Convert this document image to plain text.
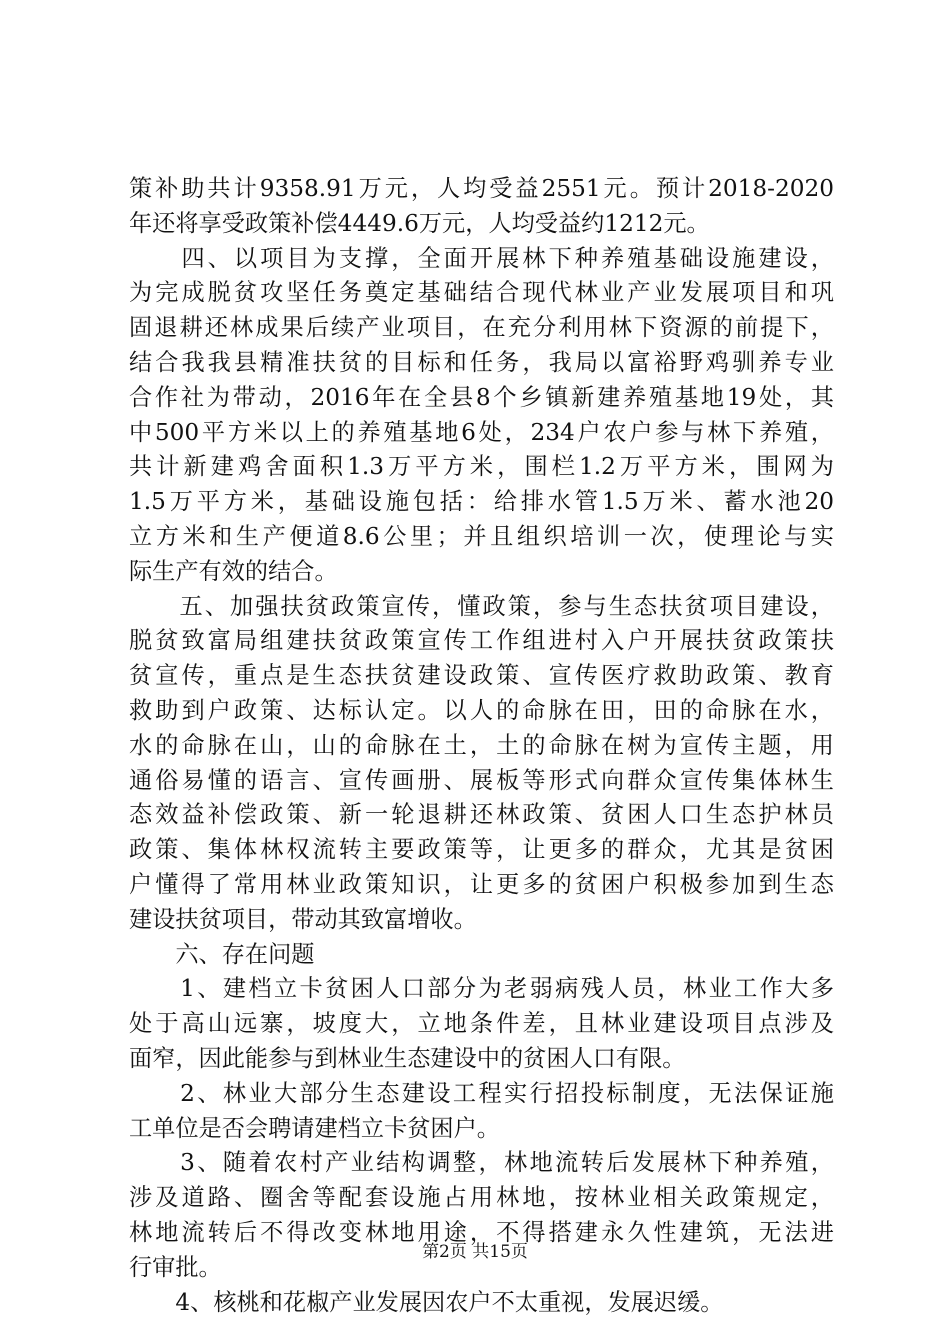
策补助共计9358.91万元，人均受益2551元。预计2018-2020
年还将享受政策补偿4449.6万元，人均受益约1212元。
　　四、以项目为支撑，全面开展林下种养殖基础设施建设，
为完成脱贫攻坚任务奠定基础结合现代林业产业发展项目和巩
固退耕还林成果后续产业项目，在充分利用林下资源的前提下，
结合我我县精准扶贫的目标和任务，我局以富裕野鸡驯养专业
合作社为带动，2016年在全县8个乡镇新建养殖基地19处，其
中500平方米以上的养殖基地6处，234户农户参与林下养殖，
共计新建鸡舍面积1.3万平方米，围栏1.2万平方米，围网为
1.5万平方米，基础设施包括：给排水管1.5万米、蓄水池20
立方米和生产便道8.6公里；并且组织培训一次，使理论与实
际生产有效的结合。
　　五、加强扶贫政策宣传，懂政策，参与生态扶贫项目建设，
脱贫致富局组建扶贫政策宣传工作组进村入户开展扶贫政策扶
贫宣传，重点是生态扶贫建设政策、宣传医疗救助政策、教育
救助到户政策、达标认定。以人的命脉在田，田的命脉在水，
水的命脉在山，山的命脉在土，土的命脉在树为宣传主题，用
通俗易懂的语言、宣传画册、展板等形式向群众宣传集体林生
态效益补偿政策、新一轮退耕还林政策、贫困人口生态护林员
政策、集体林权流转主要政策等，让更多的群众，尤其是贫困
户懂得了常用林业政策知识，让更多的贫困户积极参加到生态
建设扶贫项目，带动其致富增收。
　　六、存在问题
　　1、建档立卡贫困人口部分为老弱病残人员，林业工作大多
处于高山远寨，坡度大，立地条件差，且林业建设项目点涉及
面窄，因此能参与到林业生态建设中的贫困人口有限。
　　2、林业大部分生态建设工程实行招投标制度，无法保证施
工单位是否会聘请建档立卡贫困户。
　　3、随着农村产业结构调整，林地流转后发展林下种养殖，
涉及道路、圈舍等配套设施占用林地，按林业相关政策规定，
林地流转后不得改变林地用途，不得搭建永久性建筑，无法进
行审批。
　　4、核桃和花椒产业发展因农户不太重视，发展迟缓。
第2页 共15页
